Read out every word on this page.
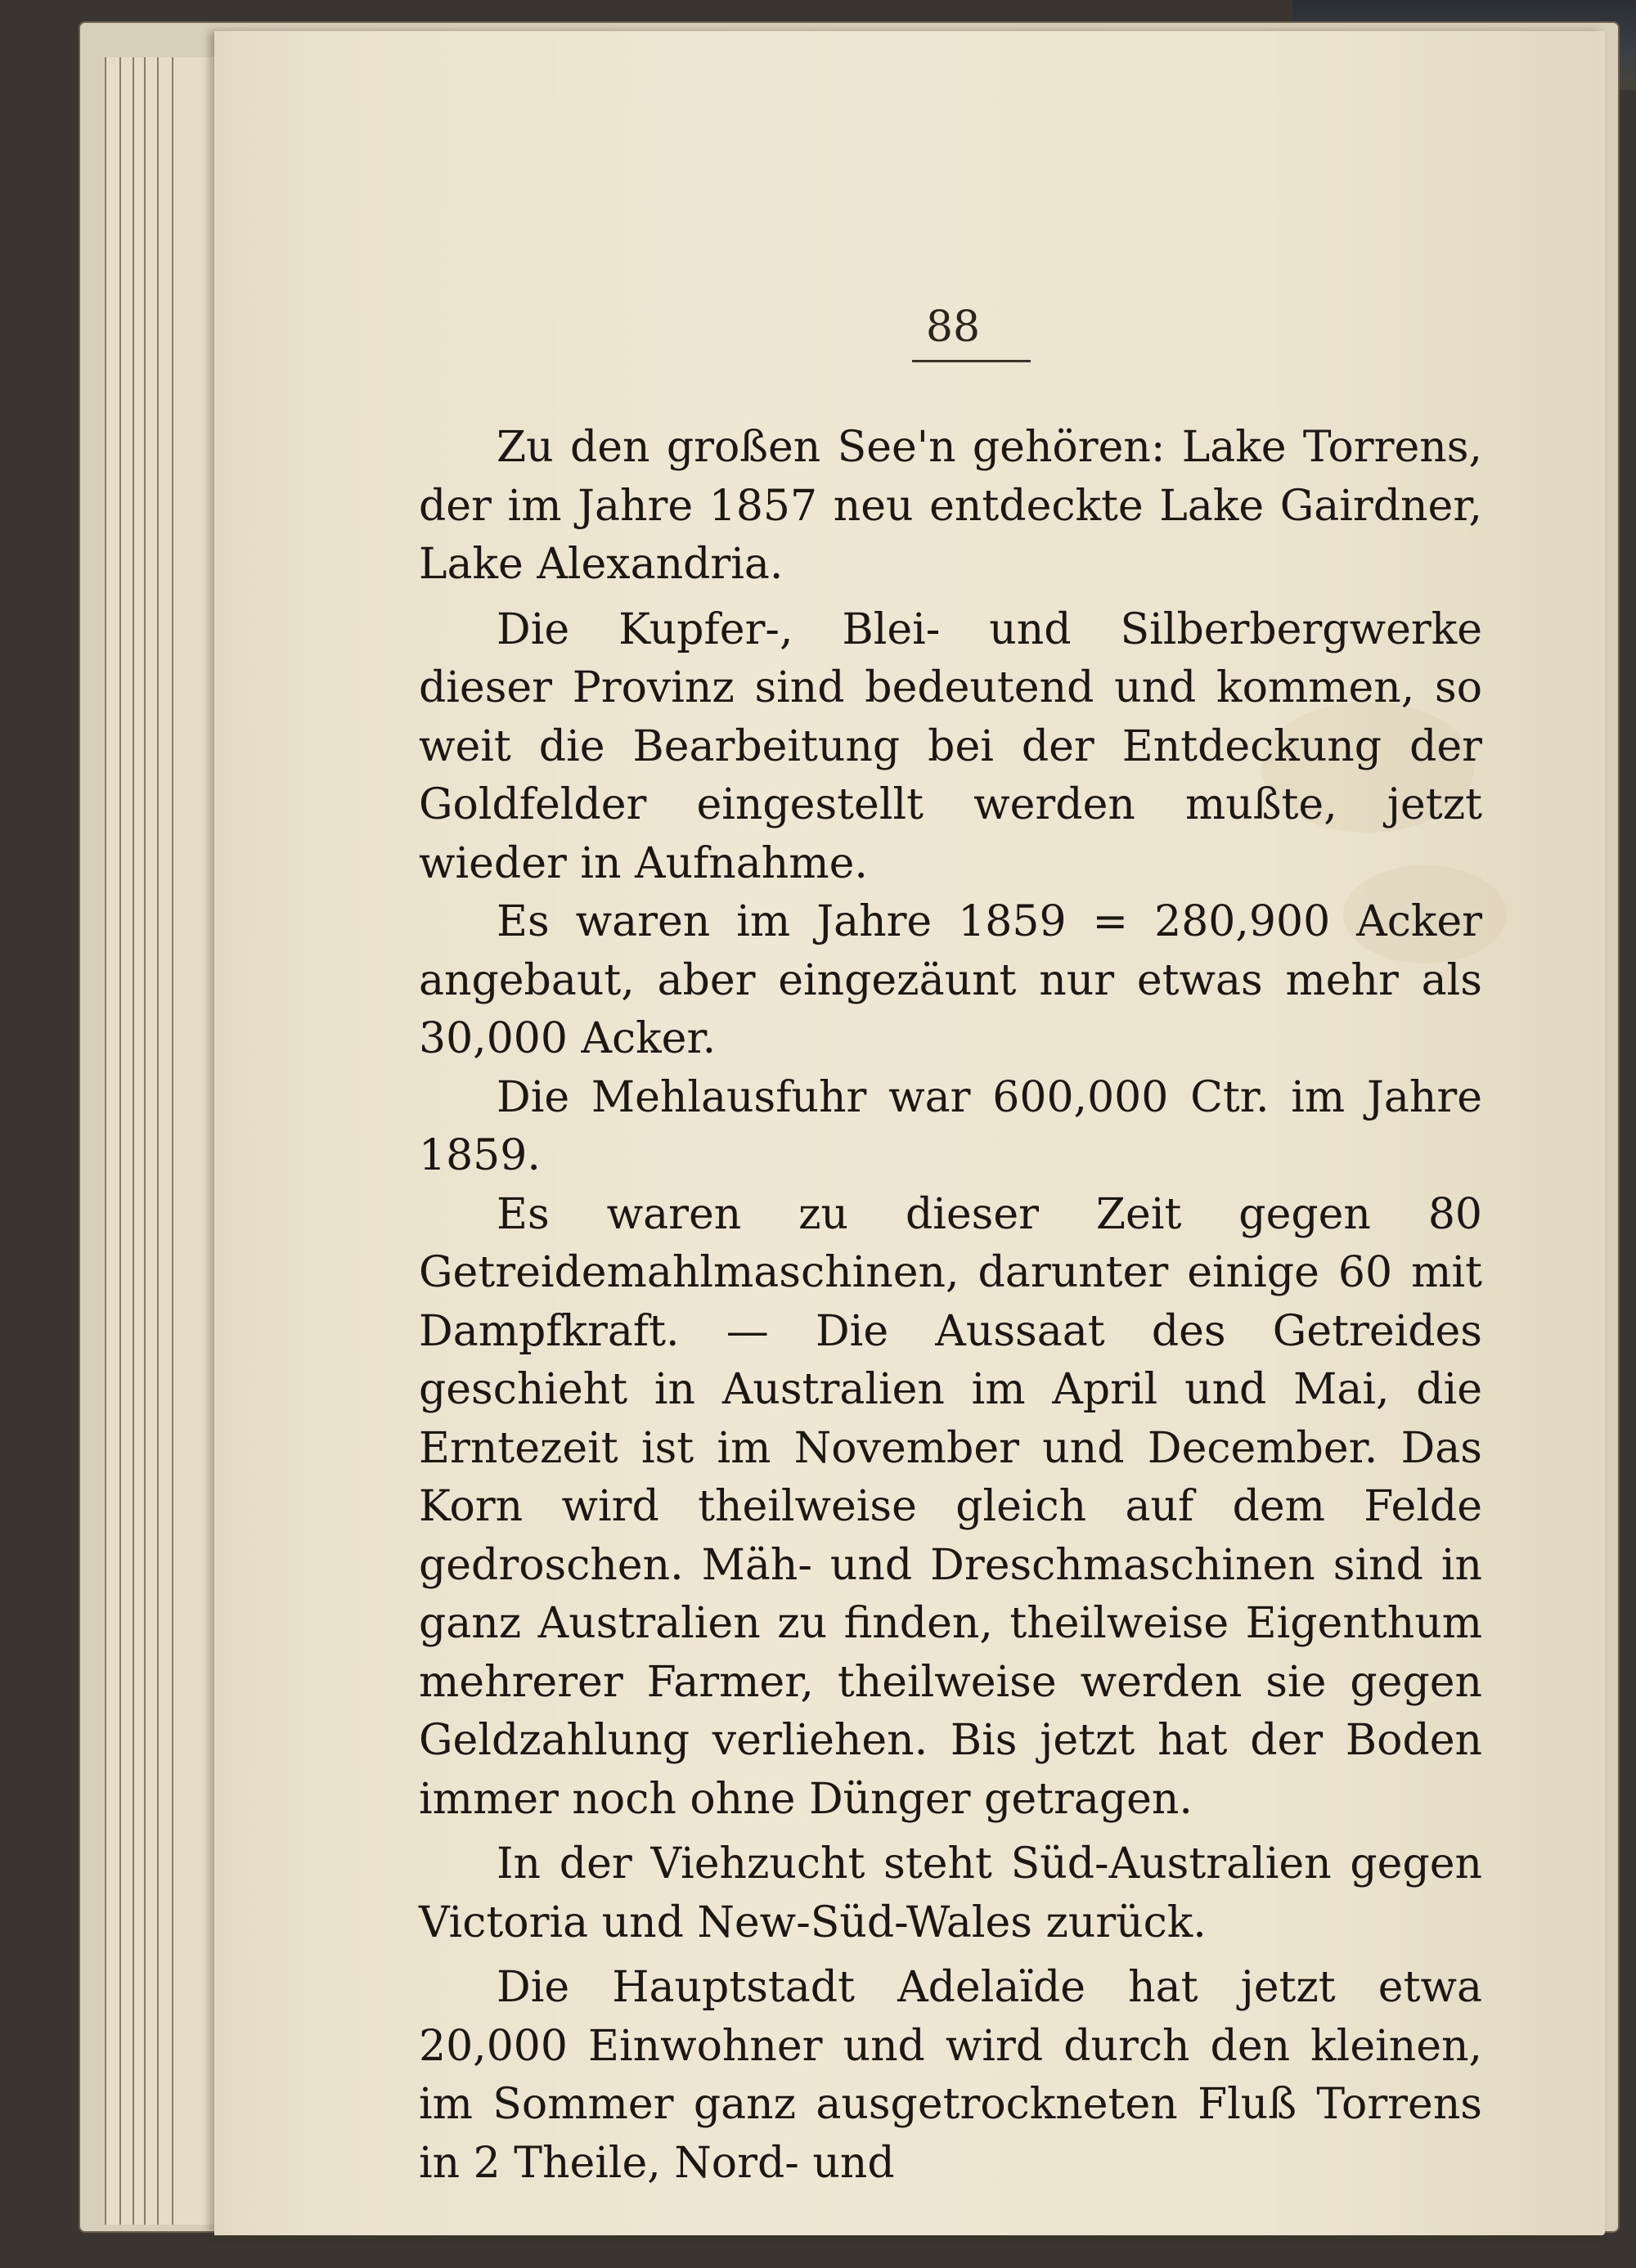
88

Zu den großen See'n gehören: Lake Torrens, der im Jahre 1857 neu entdeckte Lake Gairdner, Lake Alexandria.

Die Kupfer-, Blei- und Silberbergwerke dieser Provinz sind bedeutend und kommen, so weit die Bearbeitung bei der Entdeckung der Goldfelder eingestellt werden mußte, jetzt wieder in Aufnahme.

Es waren im Jahre 1859 = 280,900 Acker angebaut, aber eingezäunt nur etwas mehr als 30,000 Acker.

Die Mehlausfuhr war 600,000 Ctr. im Jahre 1859.

Es waren zu dieser Zeit gegen 80 Getreidemahlmaschinen, darunter einige 60 mit Dampfkraft. — Die Aussaat des Getreides geschieht in Australien im April und Mai, die Erntezeit ist im November und December. Das Korn wird theilweise gleich auf dem Felde gedroschen. Mäh- und Dreschmaschinen sind in ganz Australien zu finden, theilweise Eigenthum mehrerer Farmer, theilweise werden sie gegen Geldzahlung verliehen. Bis jetzt hat der Boden immer noch ohne Dünger getragen.

In der Viehzucht steht Süd-Australien gegen Victoria und New-Süd-Wales zurück.

Die Hauptstadt Adelaïde hat jetzt etwa 20,000 Einwohner und wird durch den kleinen, im Sommer ganz ausgetrockneten Fluß Torrens in 2 Theile, Nord- und
